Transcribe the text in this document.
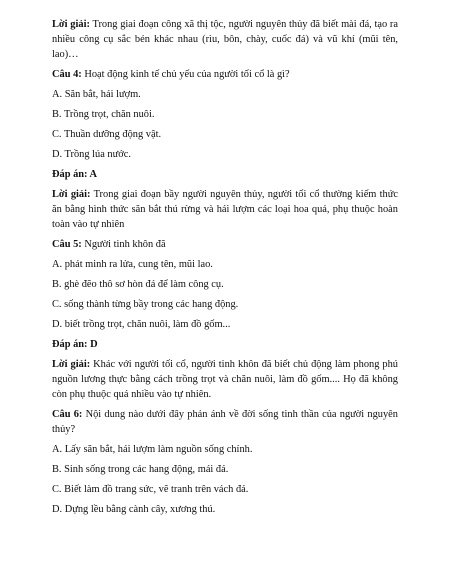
Lời giải: Trong giai đoạn công xã thị tộc, người nguyên thủy đã biết mài đá, tạo ra
nhiều công cụ sắc bén khác nhau (rìu, bôn, chày, cuốc đá) và vũ khí (mũi tên,
lao)…
Câu 4: Hoạt động kinh tế chủ yếu của người tối cổ là gì?
A. Săn bắt, hái lượm.
B. Trồng trọt, chăn nuôi.
C. Thuần dưỡng động vật.
D. Trồng lúa nước.
Đáp án: A
Lời giải: Trong giai đoạn bầy người nguyên thủy, người tối cổ thường kiếm thức
ăn bằng hình thức săn bắt thú rừng và hái lượm các loại hoa quả, phụ thuộc hoàn
toàn vào tự nhiên
Câu 5: Người tinh khôn đã
A. phát minh ra lửa, cung tên, mũi lao.
B. ghè đẽo thô sơ hòn đá để làm công cụ.
C. sống thành từng bầy trong các hang động.
D. biết trồng trọt, chăn nuôi, làm đồ gốm...
Đáp án: D
Lời giải: Khác với người tối cổ, người tinh khôn đã biết chủ động làm phong phú
nguồn lương thực bằng cách trồng trọt và chăn nuôi, làm đồ gốm.... Họ đã không
còn phụ thuộc quá nhiều vào tự nhiên.
Câu 6: Nội dung nào dưới đây phản ánh về đời sống tinh thần của người nguyên
thủy?
A. Lấy săn bắt, hái lượm làm nguồn sống chính.
B. Sinh sống trong các hang động, mái đá.
C. Biết làm đồ trang sức, vẽ tranh trên vách đá.
D. Dựng lều bằng cành cây, xương thú.
